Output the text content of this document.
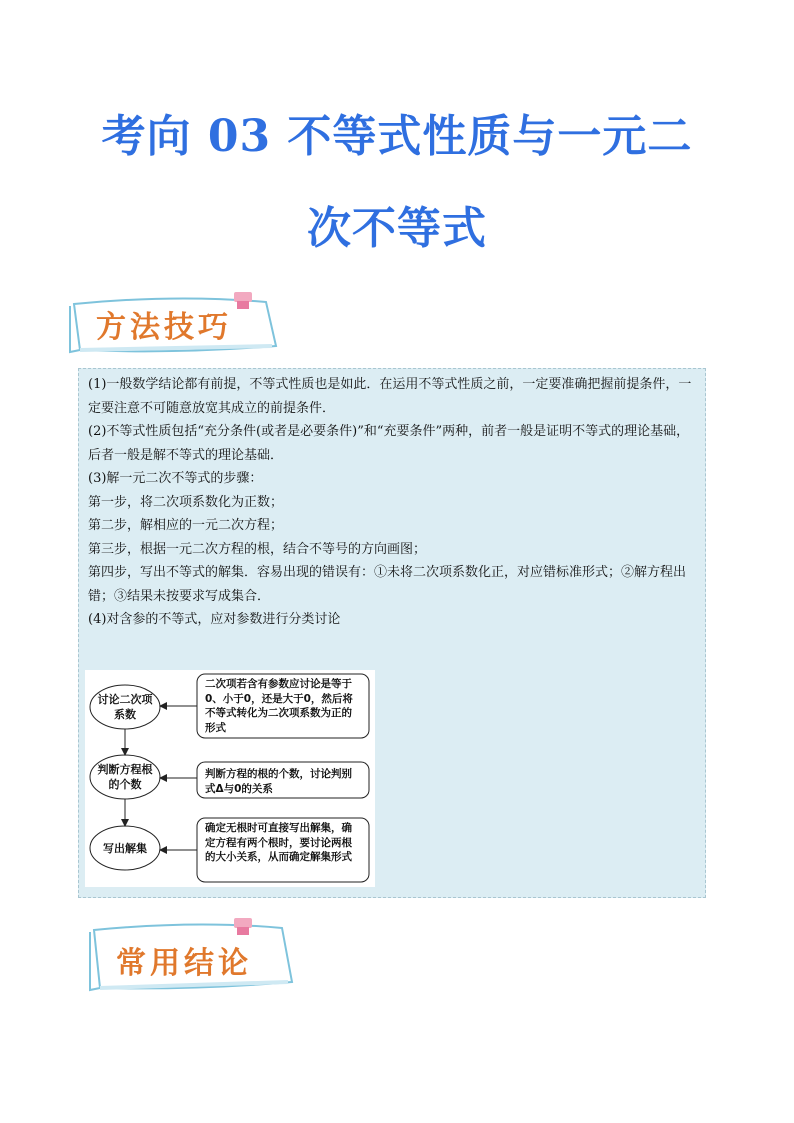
考向 03 不等式性质与一元二
次不等式
方法技巧

(1)一般数学结论都有前提，不等式性质也是如此．在运用不等式性质之前，一定要准确把握前提条件，一定要注意不可随意放宽其成立的前提条件．

(2)不等式性质包括“充分条件(或者是必要条件)”和“充要条件”两种，前者一般是证明不等式的理论基础，后者一般是解不等式的理论基础．

(3)解一元二次不等式的步骤：

第一步，将二次项系数化为正数；

第二步，解相应的一元二次方程；

第三步，根据一元二次方程的根，结合不等号的方向画图；

第四步，写出不等式的解集．容易出现的错误有：①未将二次项系数化正，对应错标准形式；②解方程出错；③结果未按要求写成集合．

(4)对含参的不等式，应对参数进行分类讨论

讨论二次项系数
判断方程根的个数
写出解集
二次项若含有参数应讨论是等于0、小于0，还是大于0，然后将不等式转化为二次项系数为正的形式
判断方程的根的个数，讨论判别式Δ与0的关系
确定无根时可直接写出解集，确定方程有两个根时，要讨论两根的大小关系，从而确定解集形式
常用结论
